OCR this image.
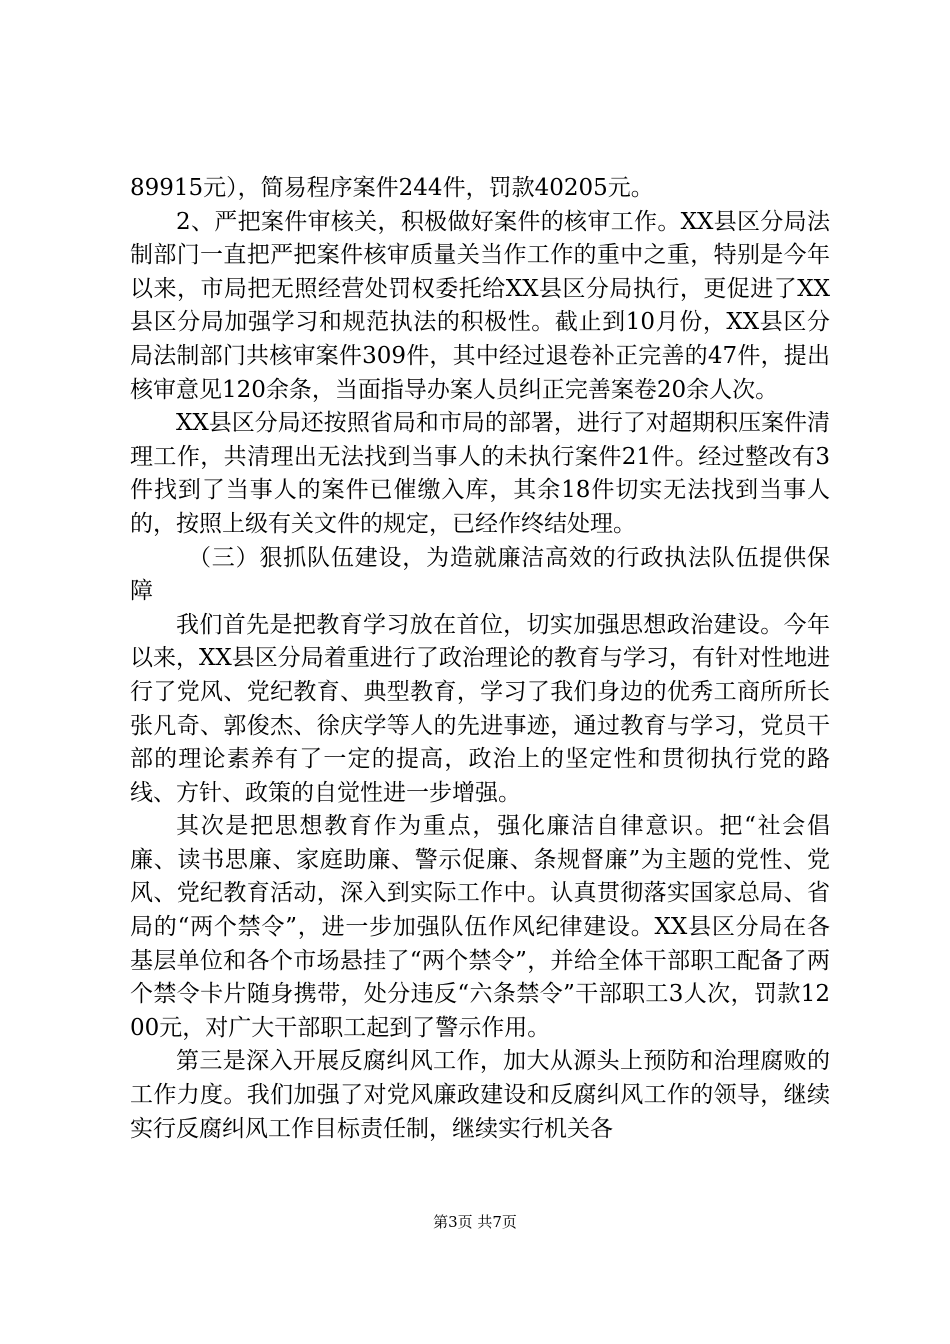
89915元），简易程序案件244件，罚款40205元。

2、严把案件审核关，积极做好案件的核审工作。XX县区分局法制部门一直把严把案件核审质量关当作工作的重中之重，特别是今年以来，市局把无照经营处罚权委托给XX县区分局执行，更促进了XX县区分局加强学习和规范执法的积极性。截止到10月份，XX县区分局法制部门共核审案件309件，其中经过退卷补正完善的47件，提出核审意见120余条，当面指导办案人员纠正完善案卷20余人次。

XX县区分局还按照省局和市局的部署，进行了对超期积压案件清理工作，共清理出无法找到当事人的未执行案件21件。经过整改有3件找到了当事人的案件已催缴入库，其余18件切实无法找到当事人的，按照上级有关文件的规定，已经作终结处理。

（三）狠抓队伍建设，为造就廉洁高效的行政执法队伍提供保障

我们首先是把教育学习放在首位，切实加强思想政治建设。今年以来，XX县区分局着重进行了政治理论的教育与学习，有针对性地进行了党风、党纪教育、典型教育，学习了我们身边的优秀工商所所长张凡奇、郭俊杰、徐庆学等人的先进事迹，通过教育与学习，党员干部的理论素养有了一定的提高，政治上的坚定性和贯彻执行党的路线、方针、政策的自觉性进一步增强。

其次是把思想教育作为重点，强化廉洁自律意识。把“社会倡廉、读书思廉、家庭助廉、警示促廉、条规督廉”为主题的党性、党风、党纪教育活动，深入到实际工作中。认真贯彻落实国家总局、省局的“两个禁令”，进一步加强队伍作风纪律建设。XX县区分局在各基层单位和各个市场悬挂了“两个禁令”，并给全体干部职工配备了两个禁令卡片随身携带，处分违反“六条禁令”干部职工3人次，罚款1200元，对广大干部职工起到了警示作用。

第三是深入开展反腐纠风工作，加大从源头上预防和治理腐败的工作力度。我们加强了对党风廉政建设和反腐纠风工作的领导，继续实行反腐纠风工作目标责任制，继续实行机关各

第3页 共7页
